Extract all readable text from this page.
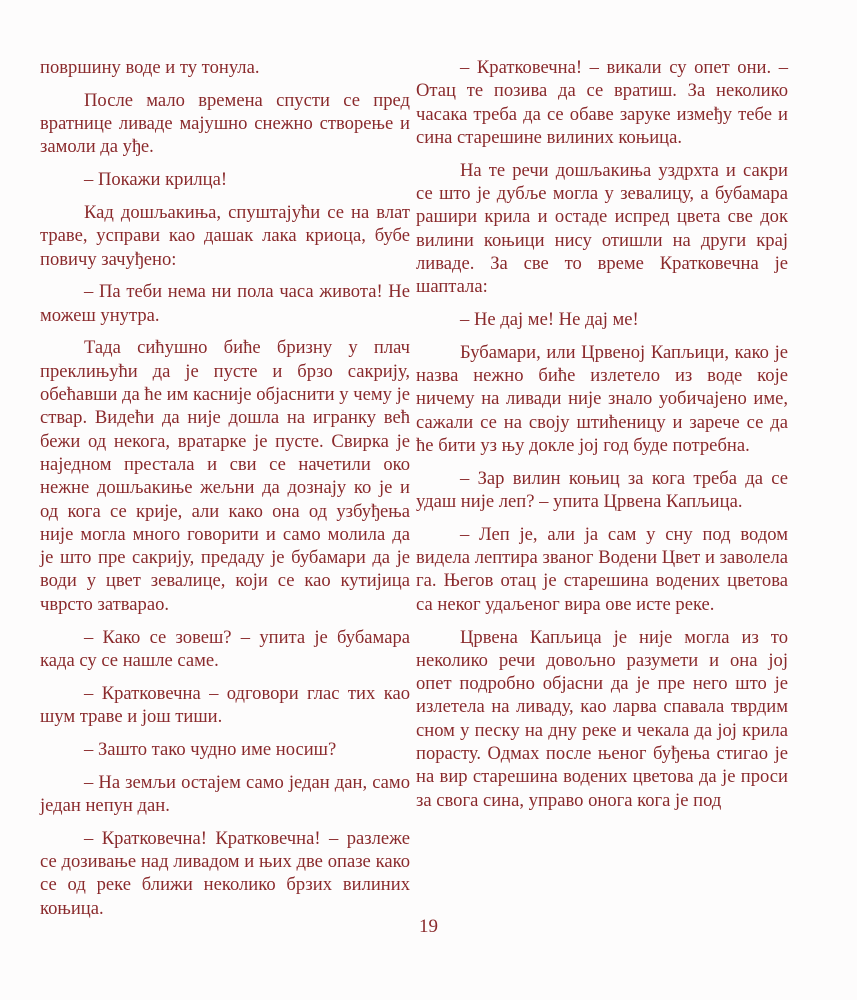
површину воде и ту тонула.

После мало времена спусти се пред вратнице ливаде мајушно снежно створење и замоли да уђе.

– Покажи крилца!

Кад дошљакиња, спуштајући се на влат траве, усправи као дашак лака криоца, бубе повичу зачуђено:

– Па теби нема ни пола часа живота! Не можеш унутра.

Тада сићушно биће бризну у плач преклињући да је пусте и брзо сакрију, обећавши да ће им касније објаснити у чему је ствар. Видећи да није дошла на игранку већ бежи од некога, вратарке је пусте. Свирка је наједном престала и сви се начетили око нежне дошљакиње жељни да дознају ко је и од кога се крије, али како она од узбуђења није могла много говорити и само молила да је што пре сакрију, предаду је бубамари да је води у цвет зевалице, који се као кутијица чврсто затварао.

– Како се зовеш? – упита је бубамара када су се нашле саме.

– Кратковечна – одговори глас тих као шум траве и још тиши.

– Зашто тако чудно име носиш?

– На земљи остајем само један дан, само један непун дан.

– Кратковечна! Кратковечна! – разлеже се дозивање над ливадом и њих две опазе како се од реке ближи неколико брзих вилиних коњица.

– Кратковечна! – викали су опет они. – Отац те позива да се вратиш. За неколико часака треба да се обаве заруке између тебе и сина старешине вилиних коњица.

На те речи дошљакиња уздрхта и сакри се што је дубље могла у зевалицу, а бубамара рашири крила и остаде испред цвета све док вилини коњици нису отишли на други крај ливаде. За све то време Кратковечна је шаптала:

– Не дај ме! Не дај ме!

Бубамари, или Црвеној Капљици, како је назва нежно биће излетело из воде које ничему на ливади није знало уобичајено име, сажали се на своју штићеницу и зарече се да ће бити уз њу докле јој год буде потребна.

– Зар вилин коњиц за кога треба да се удаш није леп? – упита Црвена Капљица.

– Леп је, али ја сам у сну под водом видела лептира званог Водени Цвет и заволела га. Његов отац је старешина водених цветова са неког удаљеног вира ове исте реке.

Црвена Капљица је није могла из то неколико речи довољно разумети и она јој опет подробно објасни да је пре него што је излетела на ливаду, као ларва спавала тврдим сном у песку на дну реке и чекала да јој крила порасту. Одмах после њеног буђења стигао је на вир старешина водених цветова да је проси за свога сина, управо онога кога је под

19
